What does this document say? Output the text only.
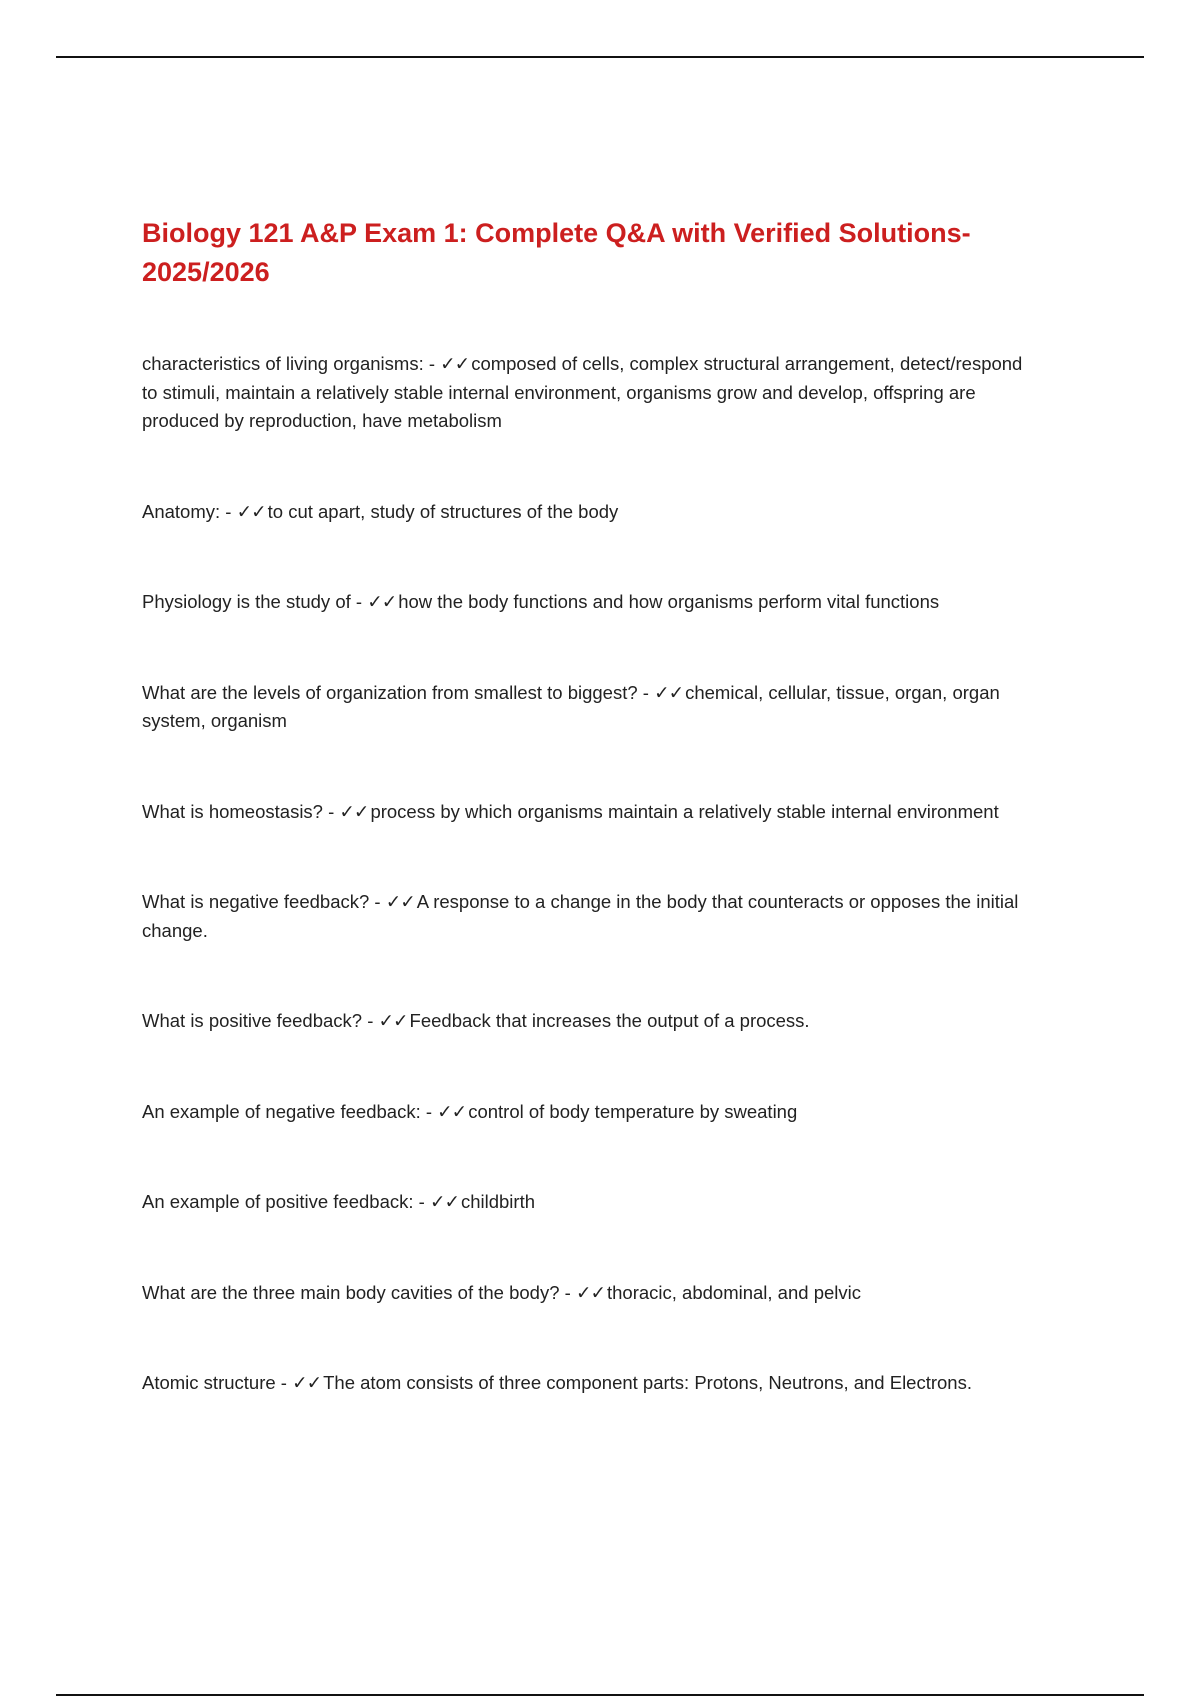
Biology 121 A&P Exam 1: Complete Q&A with Verified Solutions- 2025/2026

characteristics of living organisms: - ✓✓ composed of cells, complex structural arrangement, detect/respond to stimuli, maintain a relatively stable internal environment, organisms grow and develop, offspring are produced by reproduction, have metabolism

Anatomy: - ✓✓ to cut apart, study of structures of the body

Physiology is the study of - ✓✓ how the body functions and how organisms perform vital functions

What are the levels of organization from smallest to biggest? - ✓✓ chemical, cellular, tissue, organ, organ system, organism

What is homeostasis? - ✓✓ process by which organisms maintain a relatively stable internal environment

What is negative feedback? - ✓✓ A response to a change in the body that counteracts or opposes the initial change.

What is positive feedback? - ✓✓ Feedback that increases the output of a process.

An example of negative feedback: - ✓✓ control of body temperature by sweating

An example of positive feedback: - ✓✓ childbirth

What are the three main body cavities of the body? - ✓✓ thoracic, abdominal, and pelvic

Atomic structure - ✓✓ The atom consists of three component parts: Protons, Neutrons, and Electrons.
